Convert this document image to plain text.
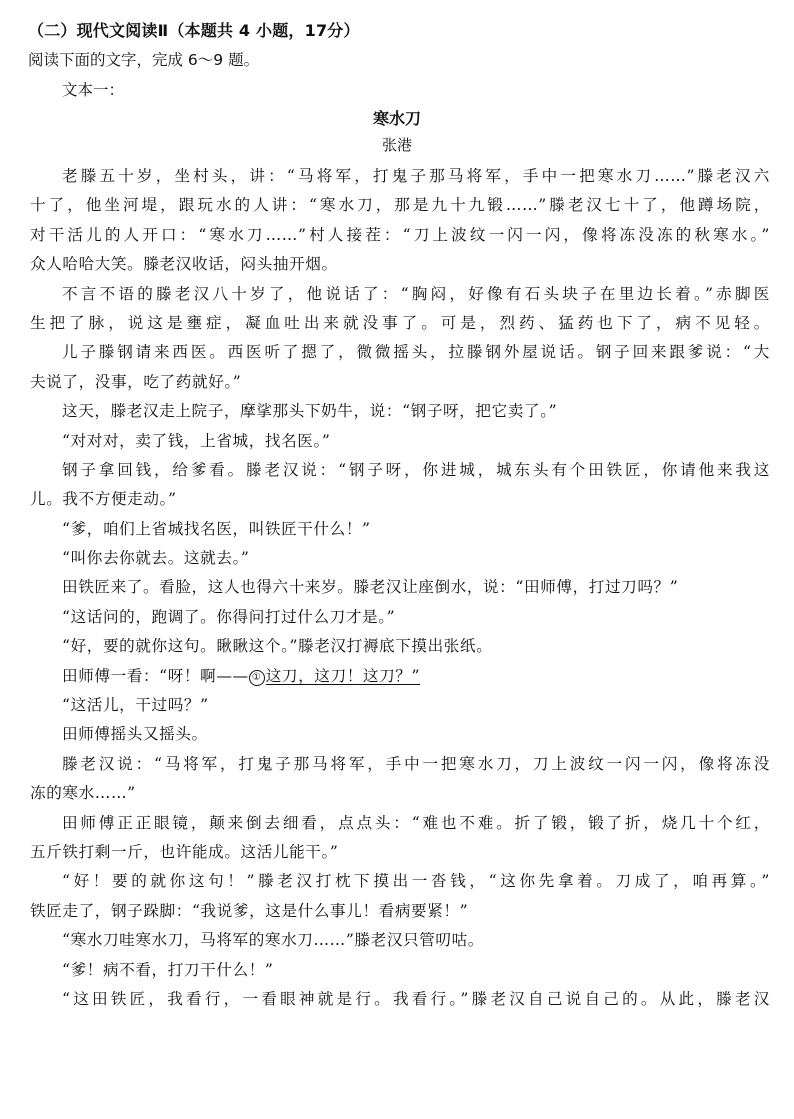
（二）现代文阅读Ⅱ（本题共 4 小题，17分）
阅读下面的文字，完成 6～9 题。
文本一：
寒水刀
张港
老滕五十岁，坐村头，讲：“马将军，打鬼子那马将军，手中一把寒水刀……”滕老汉六
十了，他坐河堤，跟玩水的人讲：“寒水刀，那是九十九锻……”滕老汉七十了，他蹲场院，
对干活儿的人开口：“寒水刀……”村人接茬：“刀上波纹一闪一闪，像将冻没冻的秋寒水。”
众人哈哈大笑。滕老汉收话，闷头抽开烟。
不言不语的滕老汉八十岁了，他说话了：“胸闷，好像有石头块子在里边长着。”赤脚医
生把了脉，说这是壅症，凝血吐出来就没事了。可是，烈药、猛药也下了，病不见轻。
儿子滕钢请来西医。西医听了摁了，微微摇头，拉滕钢外屋说话。钢子回来跟爹说：“大
夫说了，没事，吃了药就好。”
这天，滕老汉走上院子，摩挲那头下奶牛，说：“钢子呀，把它卖了。”
“对对对，卖了钱，上省城，找名医。”
钢子拿回钱，给爹看。滕老汉说：“钢子呀，你进城，城东头有个田铁匠，你请他来我这
儿。我不方便走动。”
“爹，咱们上省城找名医，叫铁匠干什么！”
“叫你去你就去。这就去。”
田铁匠来了。看脸，这人也得六十来岁。滕老汉让座倒水，说：“田师傅，打过刀吗？”
“这话问的，跑调了。你得问打过什么刀才是。”
“好，要的就你这句。瞅瞅这个。”滕老汉打褥底下摸出张纸。
田师傅一看：“呀！啊—— ① 这刀，这刀！这刀？”
“这活儿，干过吗？”
田师傅摇头又摇头。
滕老汉说：“马将军，打鬼子那马将军，手中一把寒水刀，刀上波纹一闪一闪，像将冻没
冻的寒水……”
田师傅正正眼镜，颠来倒去细看，点点头：“难也不难。折了锻，锻了折，烧几十个红，
五斤铁打剩一斤，也许能成。这活儿能干。”
“好！要的就你这句！”滕老汉打枕下摸出一沓钱，“这你先拿着。刀成了，咱再算。”
铁匠走了，钢子跺脚：“我说爹，这是什么事儿！看病要紧！”
“寒水刀哇寒水刀，马将军的寒水刀……”滕老汉只管叨咕。
“爹！病不看，打刀干什么！”
“这田铁匠，我看行，一看眼神就是行。我看行。”滕老汉自己说自己的。从此，滕老汉
